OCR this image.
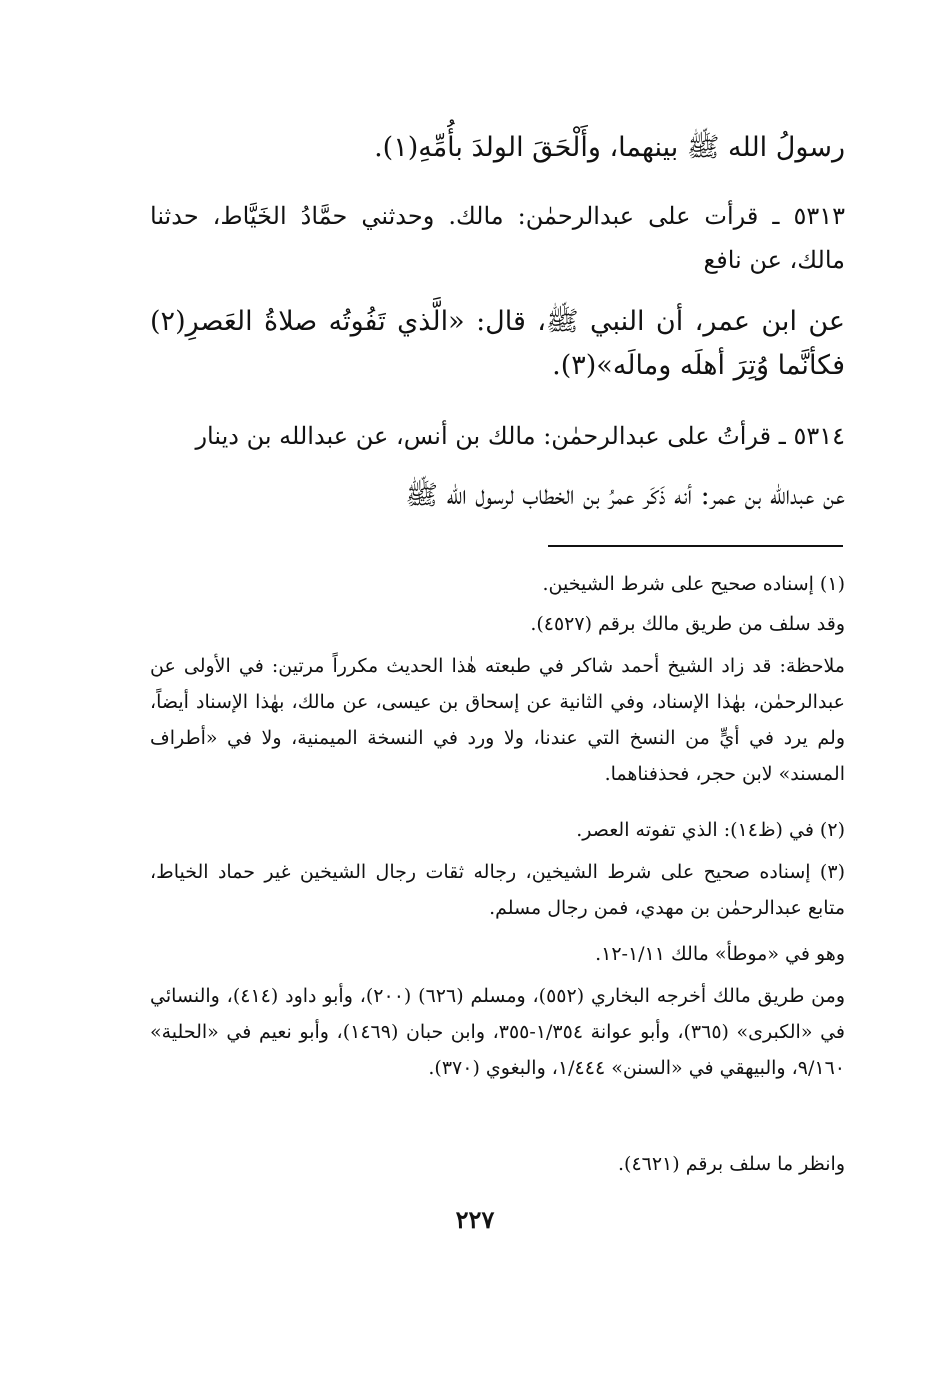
رسولُ الله ﷺ بينهما، وأَلْحَقَ الولدَ بأُمِّهِ(١).
٥٣١٣ ـ قرأت على عبدالرحمٰن: مالك. وحدثني حمَّادُ الخَيَّاط، حدثنا مالك، عن نافع
عن ابن عمر، أن النبي ﷺ، قال: «الَّذي تَفُوتُه صلاةُ العَصرِ(٢) فكأنَّما وُتِرَ أهلَه ومالَه»(٣).
٥٣١٤ ـ قرأتُ على عبدالرحمٰن: مالك بن أنس، عن عبدالله بن دينار
عن عبدالله بن عمر: أنه ذَكَر عمرُ بن الخطاب لرسول الله ﷺ
(١) إسناده صحيح على شرط الشيخين.
وقد سلف من طريق مالك برقم (٤٥٢٧).
ملاحظة: قد زاد الشيخ أحمد شاكر في طبعته هٰذا الحديث مكرراً مرتين: في الأولى عن عبدالرحمٰن، بهٰذا الإسناد، وفي الثانية عن إسحاق بن عيسى، عن مالك، بهٰذا الإسناد أيضاً، ولم يرد في أيٍّ من النسخ التي عندنا، ولا ورد في النسخة الميمنية، ولا في «أطراف المسند» لابن حجر، فحذفناهما.
(٢) في (ظ١٤): الذي تفوته العصر.
(٣) إسناده صحيح على شرط الشيخين، رجاله ثقات رجال الشيخين غير حماد الخياط، متابع عبدالرحمٰن بن مهدي، فمن رجال مسلم.
وهو في «موطأ» مالك ١/١١-١٢.
ومن طريق مالك أخرجه البخاري (٥٥٢)، ومسلم (٦٢٦) (٢٠٠)، وأبو داود (٤١٤)، والنسائي في «الكبرى» (٣٦٥)، وأبو عوانة ١/٣٥٤-٣٥٥، وابن حبان (١٤٦٩)، وأبو نعيم في «الحلية» ٩/١٦٠، والبيهقي في «السنن» ١/٤٤٤، والبغوي (٣٧٠).
وانظر ما سلف برقم (٤٦٢١).
٢٢٧
